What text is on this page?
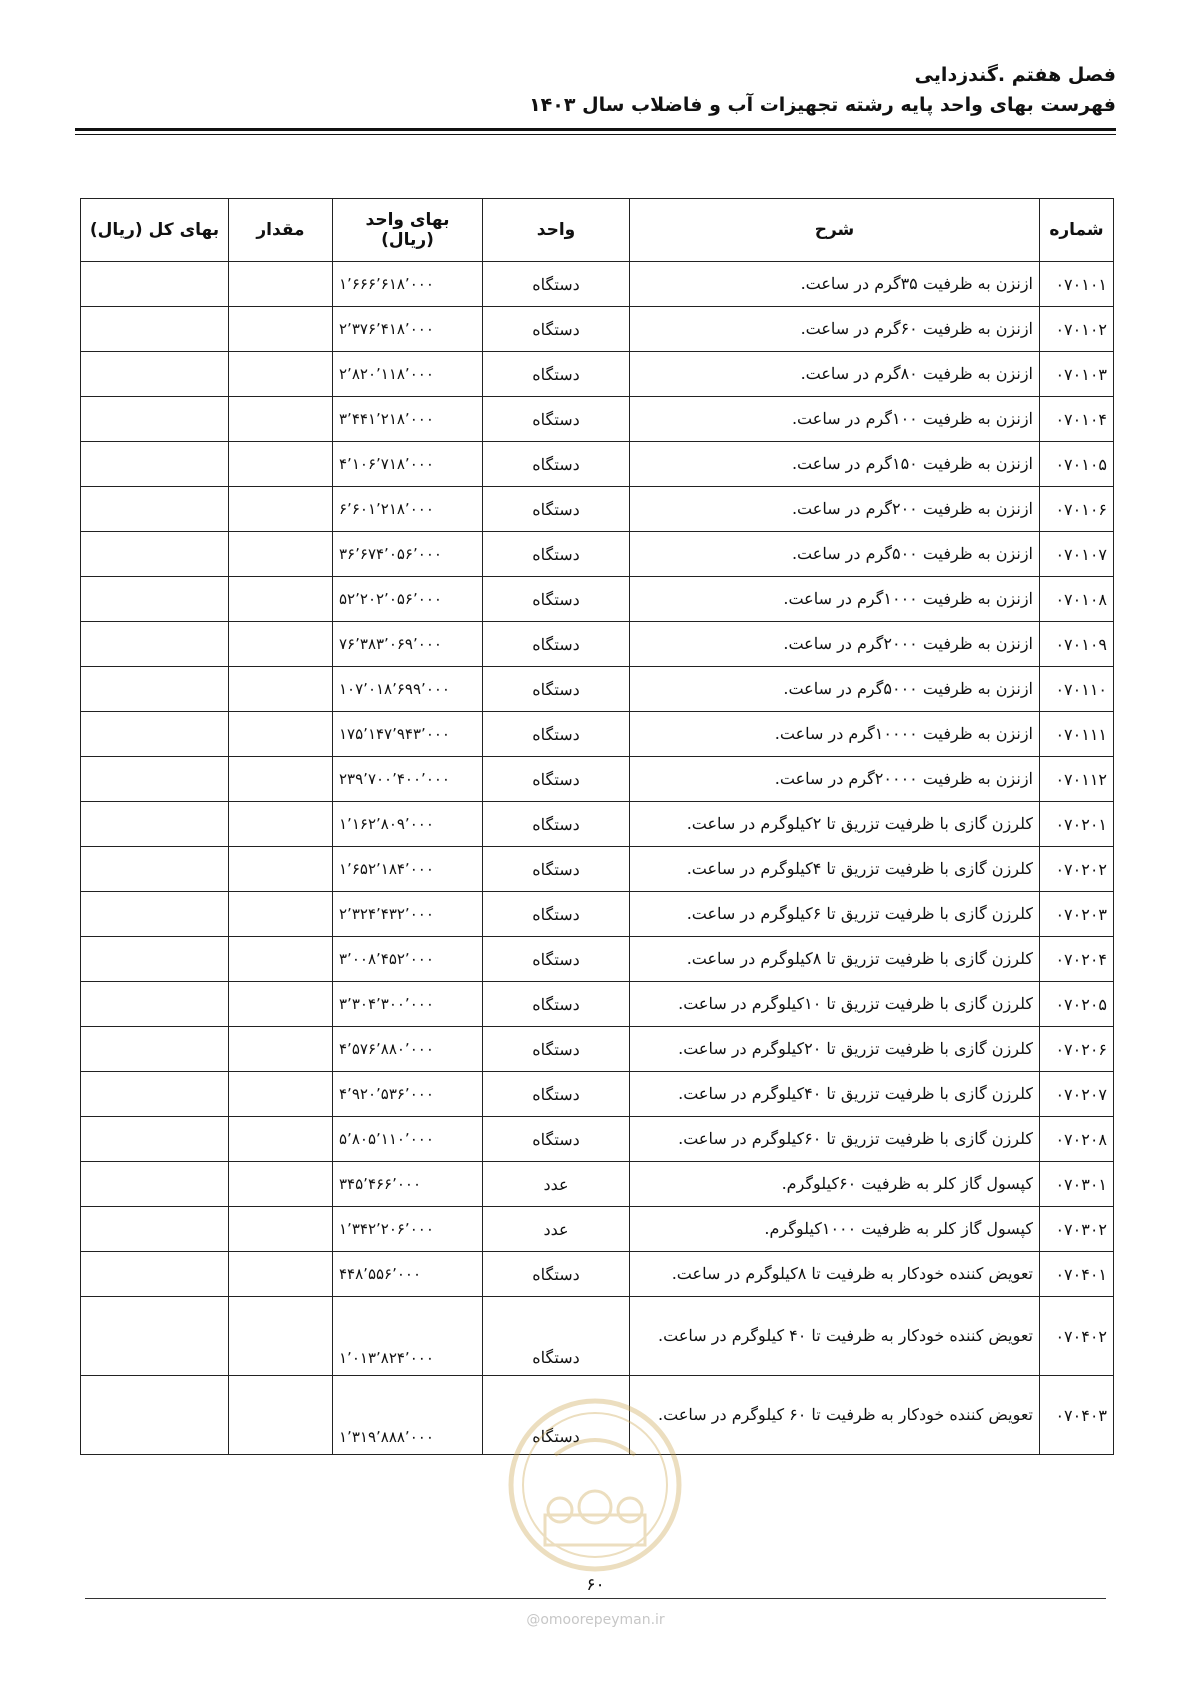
فصل هفتم .گندزدایی
فهرست بهای واحد پایه رشته تجهیزات آب و فاضلاب سال ۱۴۰۳
شماره	شرح	واحد	بهای واحد (ریال)	مقدار	بهای کل (ریال)
۰۷۰۱۰۱	ازنزن به ظرفیت ۳۵گرم در ساعت.	دستگاه	۱٬۶۶۶٬۶۱۸٬۰۰۰		
۰۷۰۱۰۲	ازنزن به ظرفیت ۶۰گرم در ساعت.	دستگاه	۲٬۳۷۶٬۴۱۸٬۰۰۰		
۰۷۰۱۰۳	ازنزن به ظرفیت ۸۰گرم در ساعت.	دستگاه	۲٬۸۲۰٬۱۱۸٬۰۰۰		
۰۷۰۱۰۴	ازنزن به ظرفیت ۱۰۰گرم در ساعت.	دستگاه	۳٬۴۴۱٬۲۱۸٬۰۰۰		
۰۷۰۱۰۵	ازنزن به ظرفیت ۱۵۰گرم در ساعت.	دستگاه	۴٬۱۰۶٬۷۱۸٬۰۰۰		
۰۷۰۱۰۶	ازنزن به ظرفیت ۲۰۰گرم در ساعت.	دستگاه	۶٬۶۰۱٬۲۱۸٬۰۰۰		
۰۷۰۱۰۷	ازنزن به ظرفیت ۵۰۰گرم در ساعت.	دستگاه	۳۶٬۶۷۴٬۰۵۶٬۰۰۰		
۰۷۰۱۰۸	ازنزن به ظرفیت ۱۰۰۰گرم در ساعت.	دستگاه	۵۲٬۲۰۲٬۰۵۶٬۰۰۰		
۰۷۰۱۰۹	ازنزن به ظرفیت ۲۰۰۰گرم در ساعت.	دستگاه	۷۶٬۳۸۳٬۰۶۹٬۰۰۰		
۰۷۰۱۱۰	ازنزن به ظرفیت ۵۰۰۰گرم در ساعت.	دستگاه	۱۰۷٬۰۱۸٬۶۹۹٬۰۰۰		
۰۷۰۱۱۱	ازنزن به ظرفیت ۱۰۰۰۰گرم در ساعت.	دستگاه	۱۷۵٬۱۴۷٬۹۴۳٬۰۰۰		
۰۷۰۱۱۲	ازنزن به ظرفیت ۲۰۰۰۰گرم در ساعت.	دستگاه	۲۳۹٬۷۰۰٬۴۰۰٬۰۰۰		
۰۷۰۲۰۱	کلرزن گازی با ظرفیت تزریق تا ۲کیلوگرم در ساعت.	دستگاه	۱٬۱۶۲٬۸۰۹٬۰۰۰		
۰۷۰۲۰۲	کلرزن گازی با ظرفیت تزریق تا ۴کیلوگرم در ساعت.	دستگاه	۱٬۶۵۲٬۱۸۴٬۰۰۰		
۰۷۰۲۰۳	کلرزن گازی با ظرفیت تزریق تا ۶کیلوگرم در ساعت.	دستگاه	۲٬۳۲۴٬۴۳۲٬۰۰۰		
۰۷۰۲۰۴	کلرزن گازی با ظرفیت تزریق تا ۸کیلوگرم در ساعت.	دستگاه	۳٬۰۰۸٬۴۵۲٬۰۰۰		
۰۷۰۲۰۵	کلرزن گازی با ظرفیت تزریق تا ۱۰کیلوگرم در ساعت.	دستگاه	۳٬۳۰۴٬۳۰۰٬۰۰۰		
۰۷۰۲۰۶	کلرزن گازی با ظرفیت تزریق تا ۲۰کیلوگرم در ساعت.	دستگاه	۴٬۵۷۶٬۸۸۰٬۰۰۰		
۰۷۰۲۰۷	کلرزن گازی با ظرفیت تزریق تا ۴۰کیلوگرم در ساعت.	دستگاه	۴٬۹۲۰٬۵۳۶٬۰۰۰		
۰۷۰۲۰۸	کلرزن گازی با ظرفیت تزریق تا ۶۰کیلوگرم در ساعت.	دستگاه	۵٬۸۰۵٬۱۱۰٬۰۰۰		
۰۷۰۳۰۱	کپسول گاز کلر به ظرفیت ۶۰کیلوگرم.	عدد	۳۴۵٬۴۶۶٬۰۰۰		
۰۷۰۳۰۲	کپسول گاز کلر به ظرفیت ۱۰۰۰کیلوگرم.	عدد	۱٬۳۴۲٬۲۰۶٬۰۰۰		
۰۷۰۴۰۱	تعویض کننده خودکار به ظرفیت تا ۸کیلوگرم در ساعت.	دستگاه	۴۴۸٬۵۵۶٬۰۰۰		
۰۷۰۴۰۲	تعویض کننده خودکار به ظرفیت تا ۴۰ کیلوگرم در ساعت.	دستگاه	۱٬۰۱۳٬۸۲۴٬۰۰۰		
۰۷۰۴۰۳	تعویض کننده خودکار به ظرفیت تا ۶۰ کیلوگرم در ساعت.	دستگاه	۱٬۳۱۹٬۸۸۸٬۰۰۰		
۶۰
@omoorepeyman.ir
